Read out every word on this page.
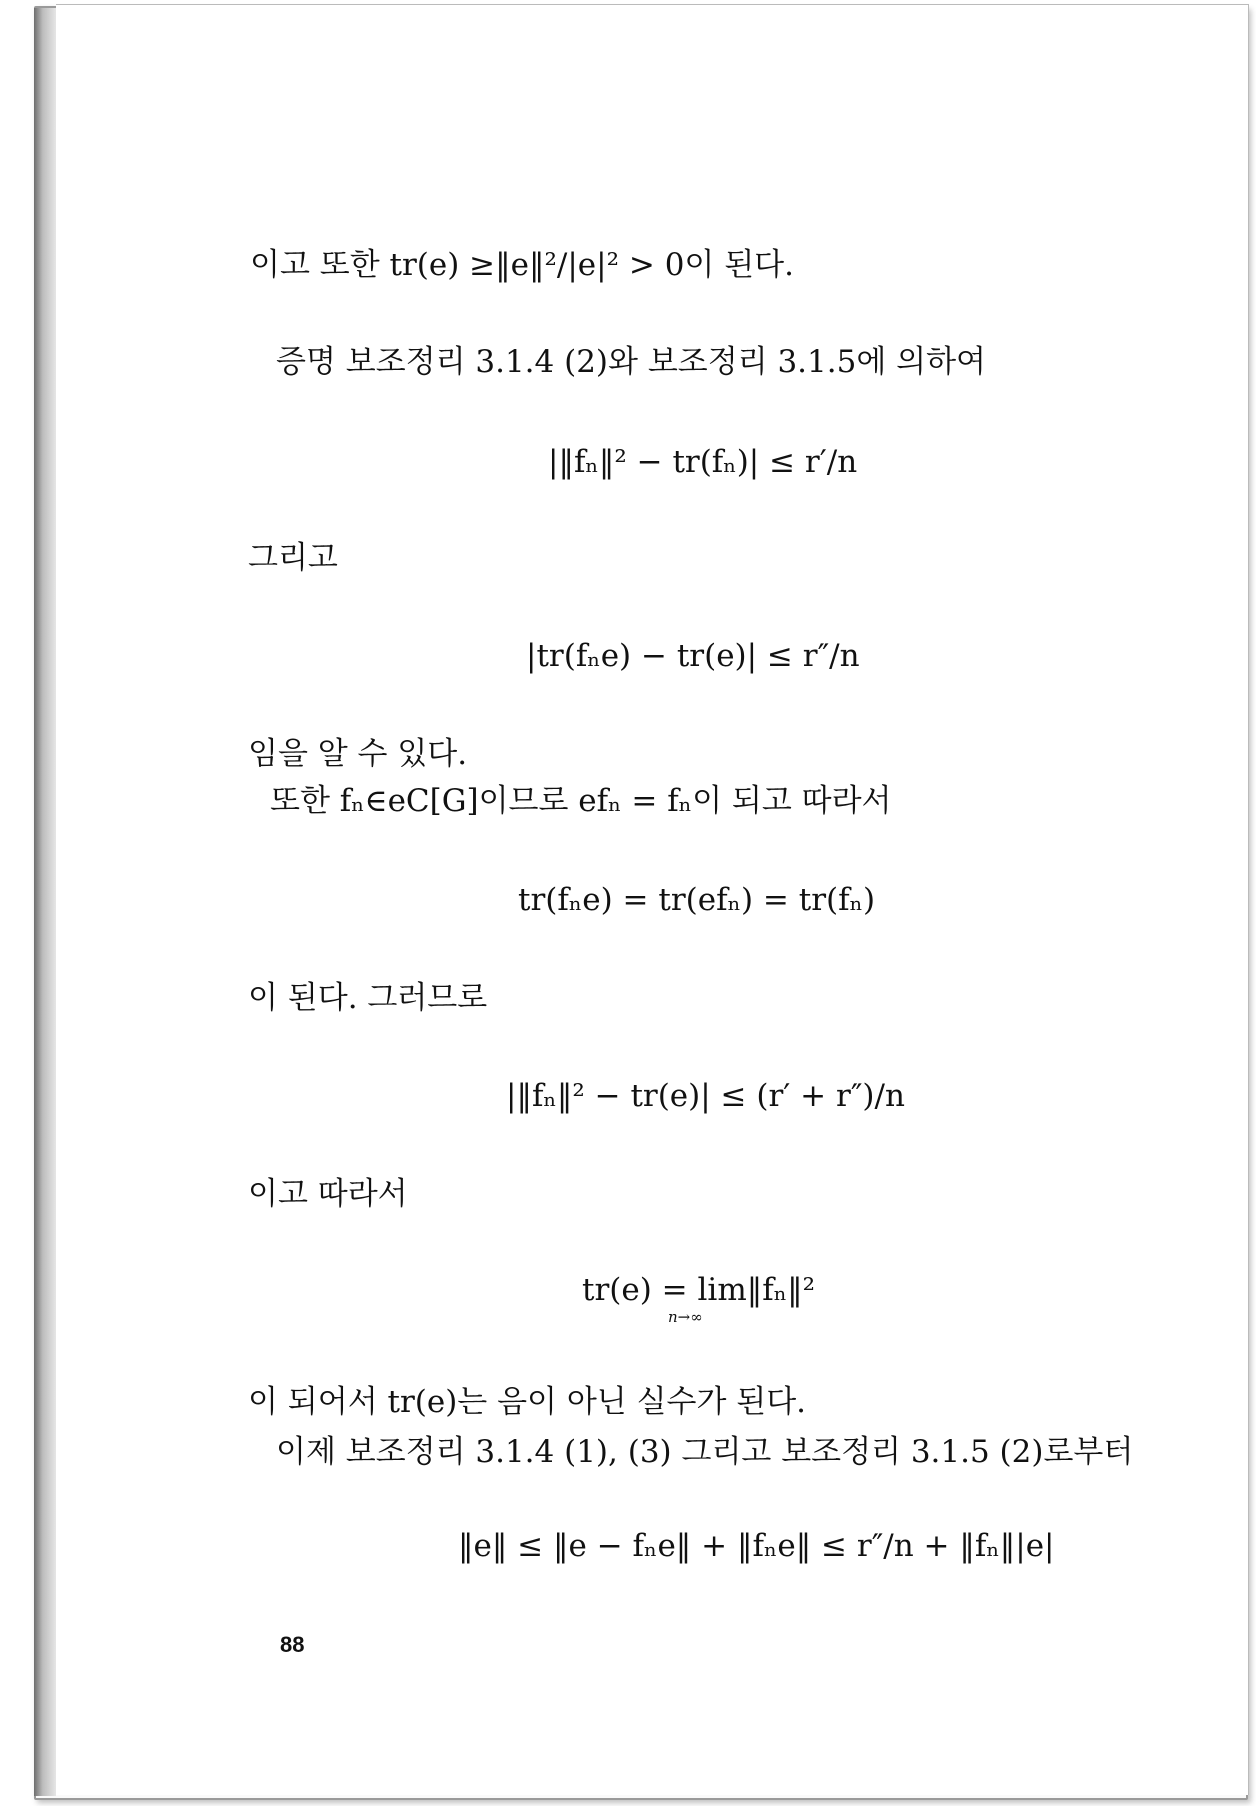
이고 또한 tr(e) ≥‖e‖²/|e|² > 0이 된다.
증명 보조정리 3.1.4 (2)와 보조정리 3.1.5에 의하여
|‖fₙ‖² − tr(fₙ)| ≤ r′/n
그리고
|tr(fₙe) − tr(e)| ≤ r″/n
임을 알 수 있다.
또한 fₙ∈eC[G]이므로 efₙ = fₙ이 되고 따라서
tr(fₙe) = tr(efₙ) = tr(fₙ)
이 된다. 그러므로
|‖fₙ‖² − tr(e)| ≤ (r′ + r″)/n
이고 따라서
tr(e) = lim‖fₙ‖²
n→∞
이 되어서 tr(e)는 음이 아닌 실수가 된다.
이제 보조정리 3.1.4 (1), (3) 그리고 보조정리 3.1.5 (2)로부터
‖e‖ ≤ ‖e − fₙe‖ + ‖fₙe‖ ≤ r″/n + ‖fₙ‖|e|
88
